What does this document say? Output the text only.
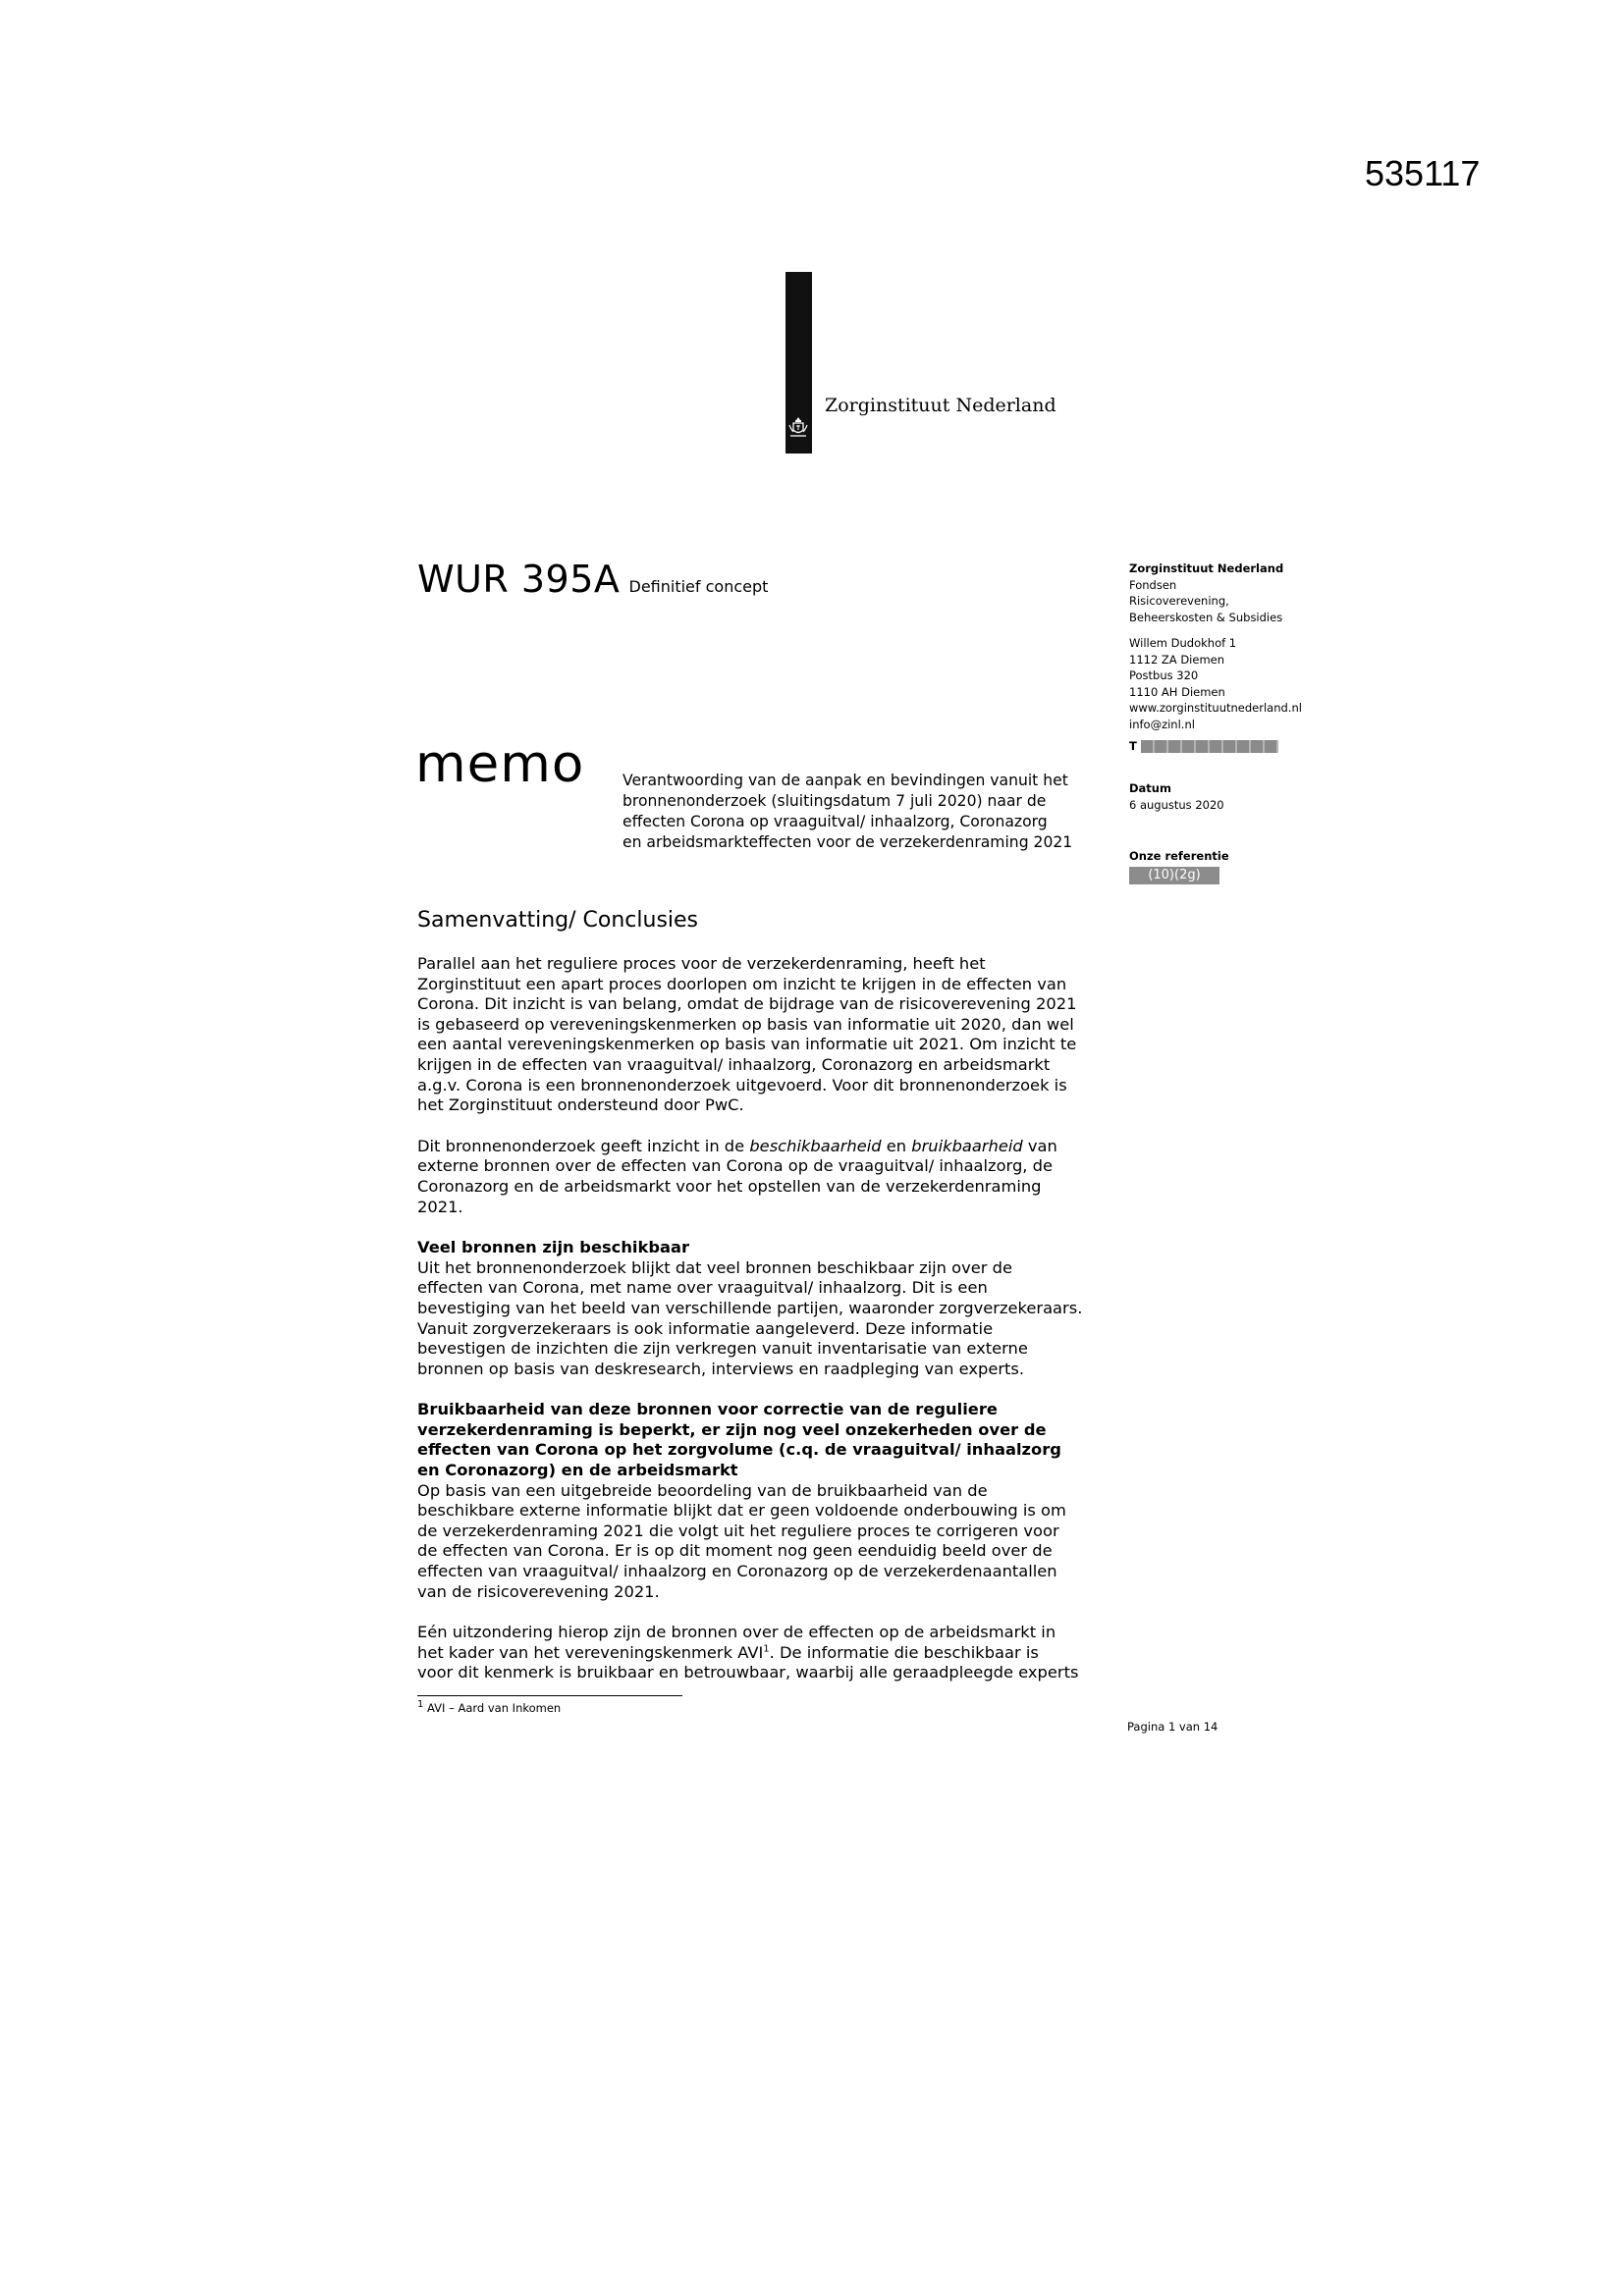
535117
Zorginstituut Nederland
WUR 395A Definitief concept
Zorginstituut Nederland
Fondsen
Risicoverevening,
Beheerskosten & Subsidies
Willem Dudokhof 1
1112 ZA Diemen
Postbus 320
1110 AH Diemen
www.zorginstituutnederland.nl
info@zinl.nl
T
Datum
6 augustus 2020
Onze referentie
(10)(2g)
memo Verantwoording van de aanpak en bevindingen vanuit het
bronnenonderzoek (sluitingsdatum 7 juli 2020) naar de
effecten Corona op vraaguitval/ inhaalzorg, Coronazorg
en arbeidsmarkteffecten voor de verzekerdenraming 2021
Samenvatting/ Conclusies

Parallel aan het reguliere proces voor de verzekerdenraming, heeft het
Zorginstituut een apart proces doorlopen om inzicht te krijgen in de effecten van
Corona. Dit inzicht is van belang, omdat de bijdrage van de risicoverevening 2021
is gebaseerd op vereveningskenmerken op basis van informatie uit 2020, dan wel
een aantal vereveningskenmerken op basis van informatie uit 2021. Om inzicht te
krijgen in de effecten van vraaguitval/ inhaalzorg, Coronazorg en arbeidsmarkt
a.g.v. Corona is een bronnenonderzoek uitgevoerd. Voor dit bronnenonderzoek is
het Zorginstituut ondersteund door PwC.

Dit bronnenonderzoek geeft inzicht in de beschikbaarheid en bruikbaarheid van
externe bronnen over de effecten van Corona op de vraaguitval/ inhaalzorg, de
Coronazorg en de arbeidsmarkt voor het opstellen van de verzekerdenraming
2021.

Veel bronnen zijn beschikbaar
Uit het bronnenonderzoek blijkt dat veel bronnen beschikbaar zijn over de
effecten van Corona, met name over vraaguitval/ inhaalzorg. Dit is een
bevestiging van het beeld van verschillende partijen, waaronder zorgverzekeraars.
Vanuit zorgverzekeraars is ook informatie aangeleverd. Deze informatie
bevestigen de inzichten die zijn verkregen vanuit inventarisatie van externe
bronnen op basis van deskresearch, interviews en raadpleging van experts.
Bruikbaarheid van deze bronnen voor correctie van de reguliere
verzekerdenraming is beperkt, er zijn nog veel onzekerheden over de
effecten van Corona op het zorgvolume (c.q. de vraaguitval/ inhaalzorg
en Coronazorg) en de arbeidsmarkt
Op basis van een uitgebreide beoordeling van de bruikbaarheid van de
beschikbare externe informatie blijkt dat er geen voldoende onderbouwing is om
de verzekerdenraming 2021 die volgt uit het reguliere proces te corrigeren voor
de effecten van Corona. Er is op dit moment nog geen eenduidig beeld over de
effecten van vraaguitval/ inhaalzorg en Coronazorg op de verzekerdenaantallen
van de risicoverevening 2021.

Eén uitzondering hierop zijn de bronnen over de effecten op de arbeidsmarkt in
het kader van het vereveningskenmerk AVI$^1$. De informatie die beschikbaar is
voor dit kenmerk is bruikbaar en betrouwbaar, waarbij alle geraadpleegde experts

$^1$ AVI – Aard van Inkomen
Pagina 1 van 14
